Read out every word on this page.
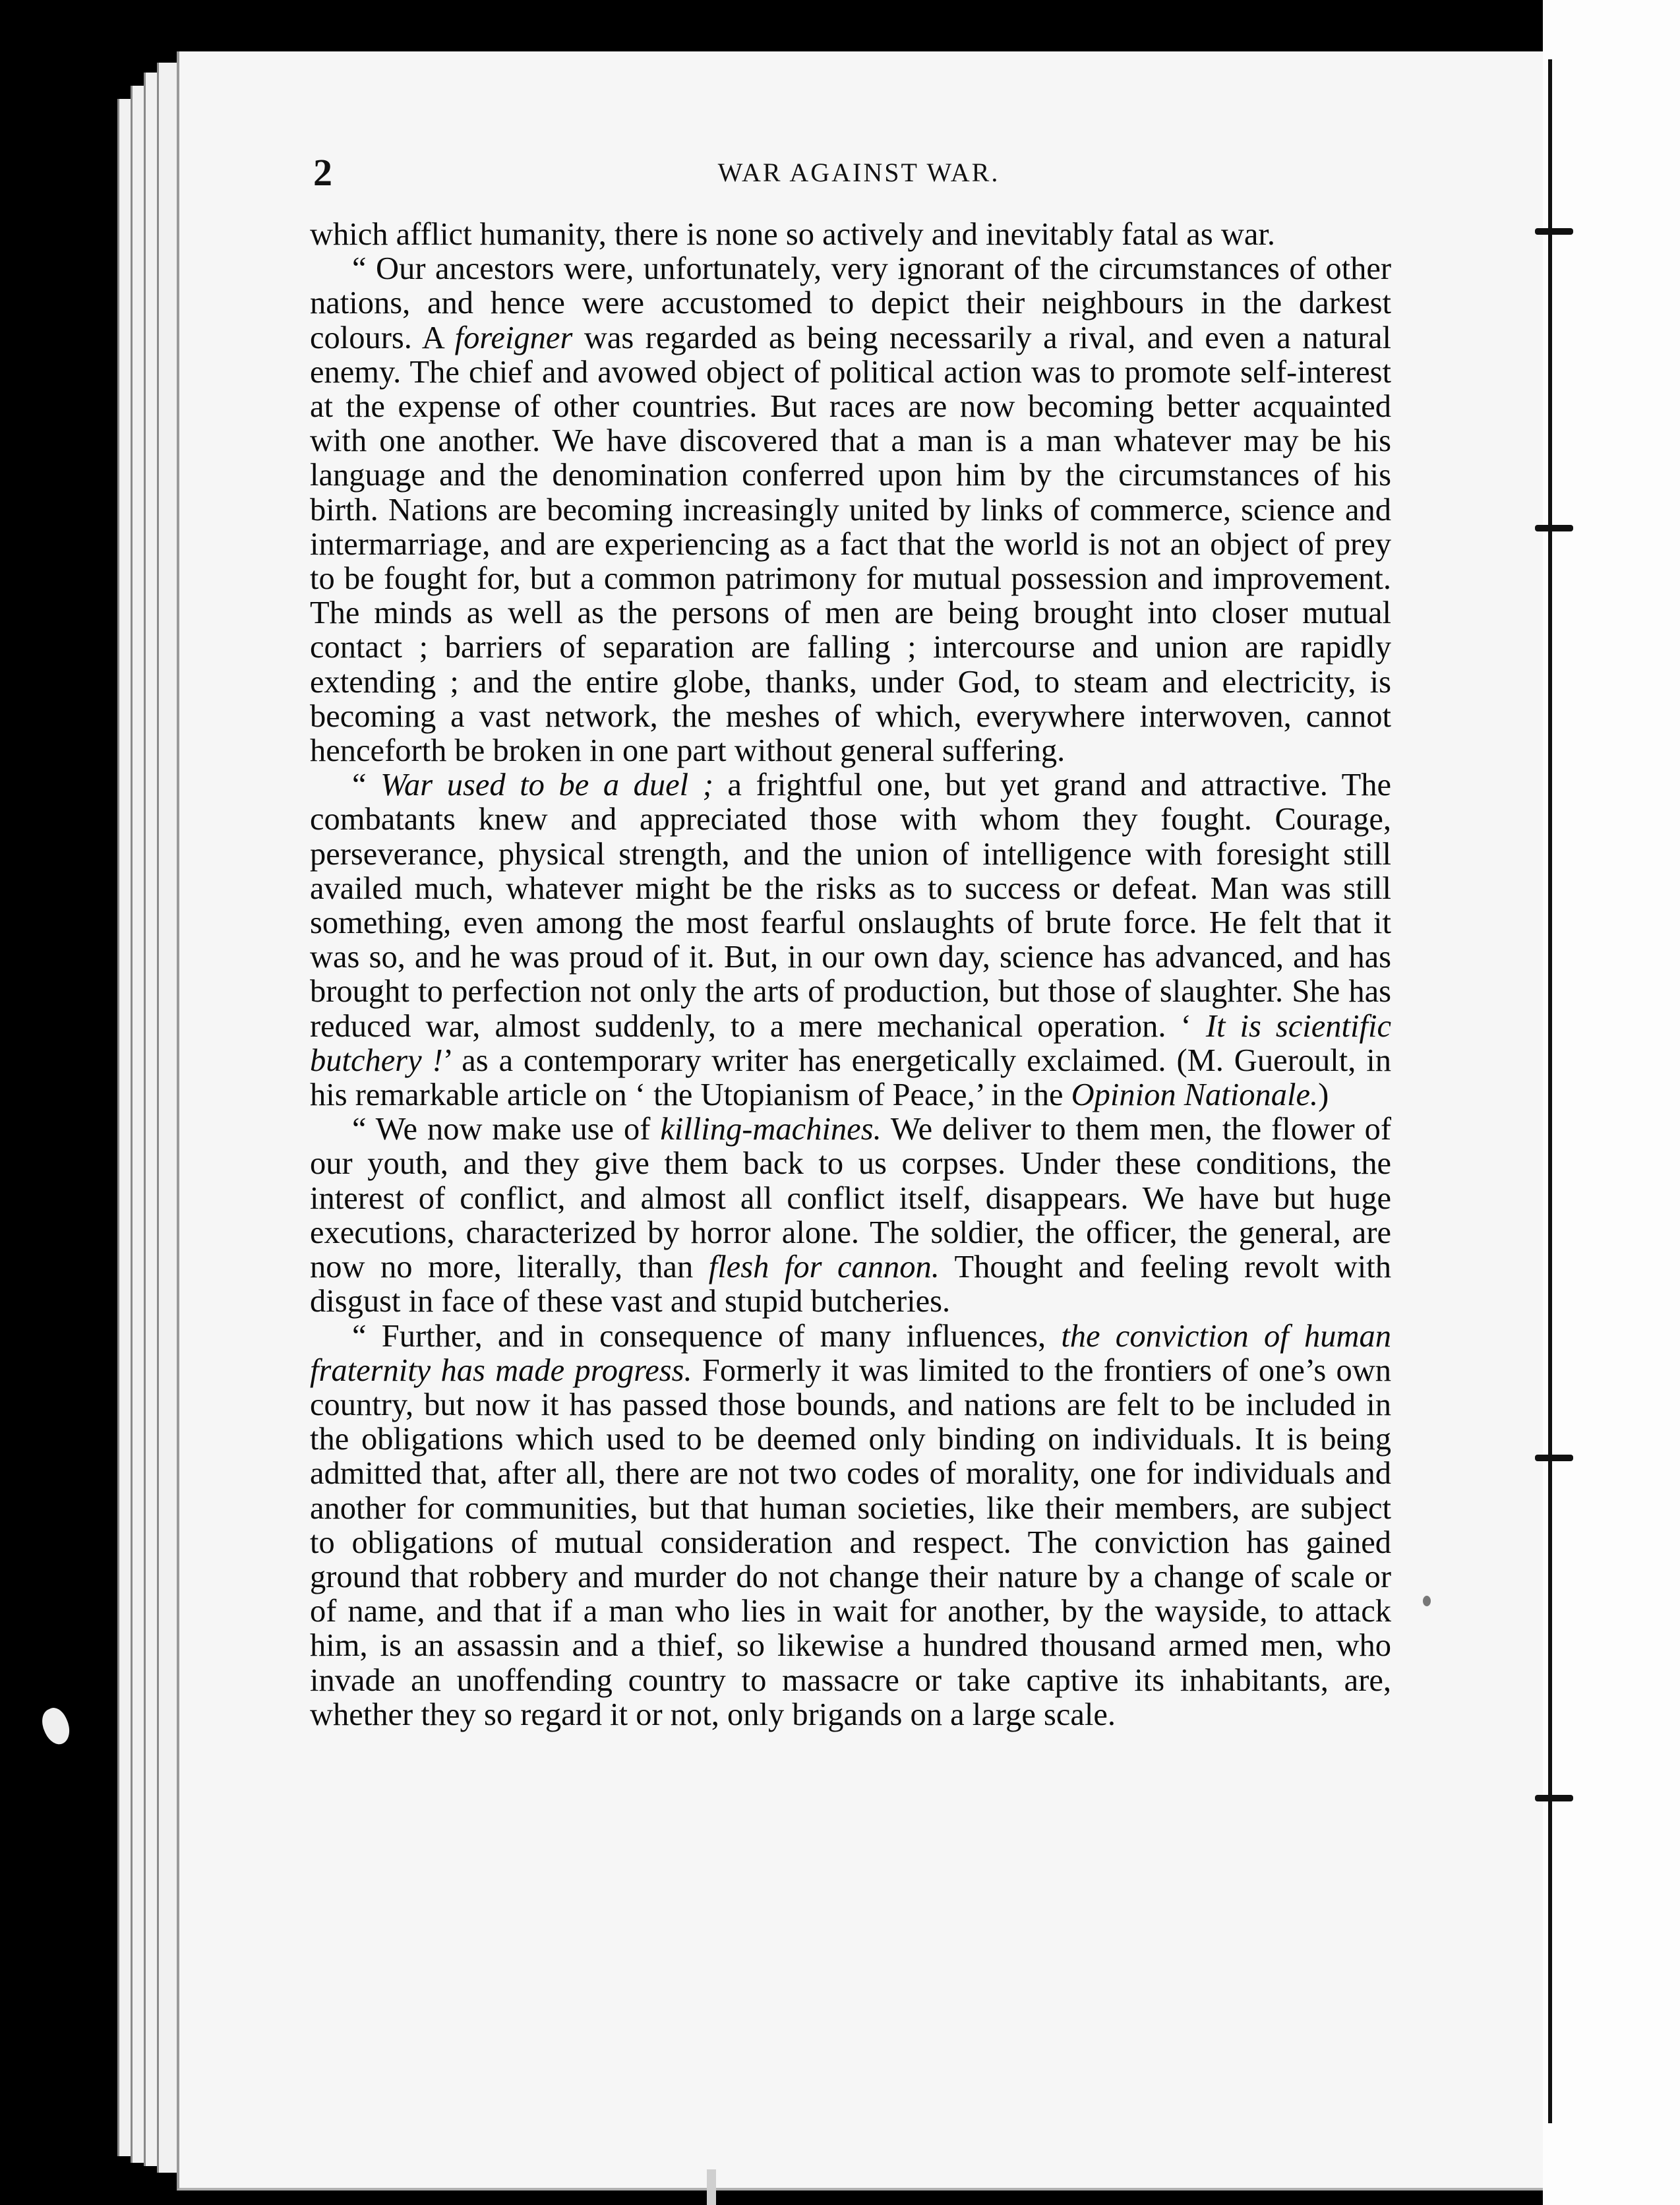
2	WAR AGAINST WAR.

which afflict humanity, there is none so actively and inevitably fatal as war.

“ Our ancestors were, unfortunately, very ignorant of the circumstances of other nations, and hence were accustomed to depict their neighbours in the darkest colours. A foreigner was regarded as being necessarily a rival, and even a natural enemy. The chief and avowed object of political action was to promote self-interest at the expense of other countries. But races are now becoming better acquainted with one another. We have discovered that a man is a man whatever may be his language and the denomination conferred upon him by the circumstances of his birth. Nations are becoming increasingly united by links of commerce, science and intermarriage, and are experiencing as a fact that the world is not an object of prey to be fought for, but a common patrimony for mutual possession and improvement. The minds as well as the persons of men are being brought into closer mutual contact ; barriers of separation are falling ; intercourse and union are rapidly extending ; and the entire globe, thanks, under God, to steam and electricity, is becoming a vast network, the meshes of which, everywhere interwoven, cannot henceforth be broken in one part without general suffering.

“ War used to be a duel ; a frightful one, but yet grand and attractive. The combatants knew and appreciated those with whom they fought. Courage, perseverance, physical strength, and the union of intelligence with foresight still availed much, whatever might be the risks as to success or defeat. Man was still something, even among the most fearful onslaughts of brute force. He felt that it was so, and he was proud of it. But, in our own day, science has advanced, and has brought to perfection not only the arts of production, but those of slaughter. She has reduced war, almost suddenly, to a mere mechanical operation. ‘ It is scientific butchery !’ as a contemporary writer has energetically exclaimed. (M. Gueroult, in his remarkable article on ‘ the Utopianism of Peace,’ in the Opinion Nationale.)

“ We now make use of killing-machines. We deliver to them men, the flower of our youth, and they give them back to us corpses. Under these conditions, the interest of conflict, and almost all conflict itself, disappears. We have but huge executions, characterized by horror alone. The soldier, the officer, the general, are now no more, literally, than flesh for cannon. Thought and feeling revolt with disgust in face of these vast and stupid butcheries.

“ Further, and in consequence of many influences, the conviction of human fraternity has made progress. Formerly it was limited to the frontiers of one’s own country, but now it has passed those bounds, and nations are felt to be included in the obligations which used to be deemed only binding on individuals. It is being admitted that, after all, there are not two codes of morality, one for individuals and another for communities, but that human societies, like their members, are subject to obligations of mutual consideration and respect. The conviction has gained ground that robbery and murder do not change their nature by a change of scale or of name, and that if a man who lies in wait for another, by the wayside, to attack him, is an assassin and a thief, so likewise a hundred thousand armed men, who invade an unoffending country to massacre or take captive its inhabitants, are, whether they so regard it or not, only brigands on a large scale.
